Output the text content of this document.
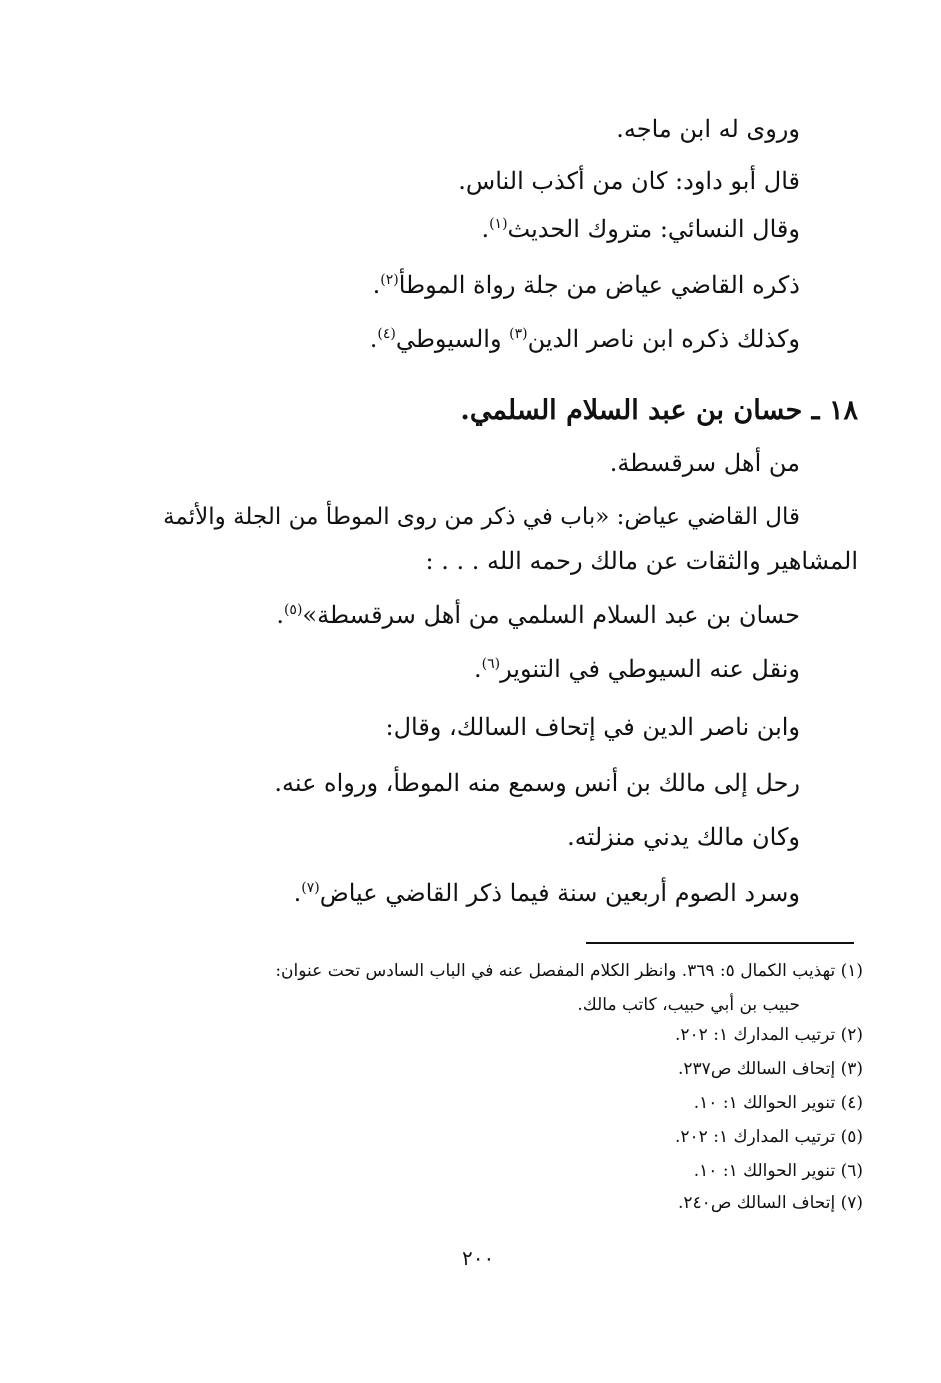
وروى له ابن ماجه.
قال أبو داود: كان من أكذب الناس.
وقال النسائي: متروك الحديث$^{(١)}$.
ذكره القاضي عياض من جلة رواة الموطأ$^{(٢)}$.
وكذلك ذكره ابن ناصر الدين$^{(٣)}$ والسيوطي$^{(٤)}$.
١٨ ـ حسان بن عبد السلام السلمي.
من أهل سرقسطة.
قال القاضي عياض: «باب في ذكر من روى الموطأ من الجلة والأئمة
المشاهير والثقات عن مالك رحمه الله . . . :
حسان بن عبد السلام السلمي من أهل سرقسطة»$^{(٥)}$.
ونقل عنه السيوطي في التنوير$^{(٦)}$.
وابن ناصر الدين في إتحاف السالك، وقال:
رحل إلى مالك بن أنس وسمع منه الموطأ، ورواه عنه.
وكان مالك يدني منزلته.
وسرد الصوم أربعين سنة فيما ذكر القاضي عياض$^{(٧)}$.
(١) تهذيب الكمال ٥: ٣٦٩. وانظر الكلام المفصل عنه في الباب السادس تحت عنوان:
حبيب بن أبي حبيب، كاتب مالك.
(٢) ترتيب المدارك ١: ٢٠٢.
(٣) إتحاف السالك ص٢٣٧.
(٤) تنوير الحوالك ١: ١٠.
(٥) ترتيب المدارك ١: ٢٠٢.
(٦) تنوير الحوالك ١: ١٠.
(٧) إتحاف السالك ص٢٤٠.
٢٠٠
